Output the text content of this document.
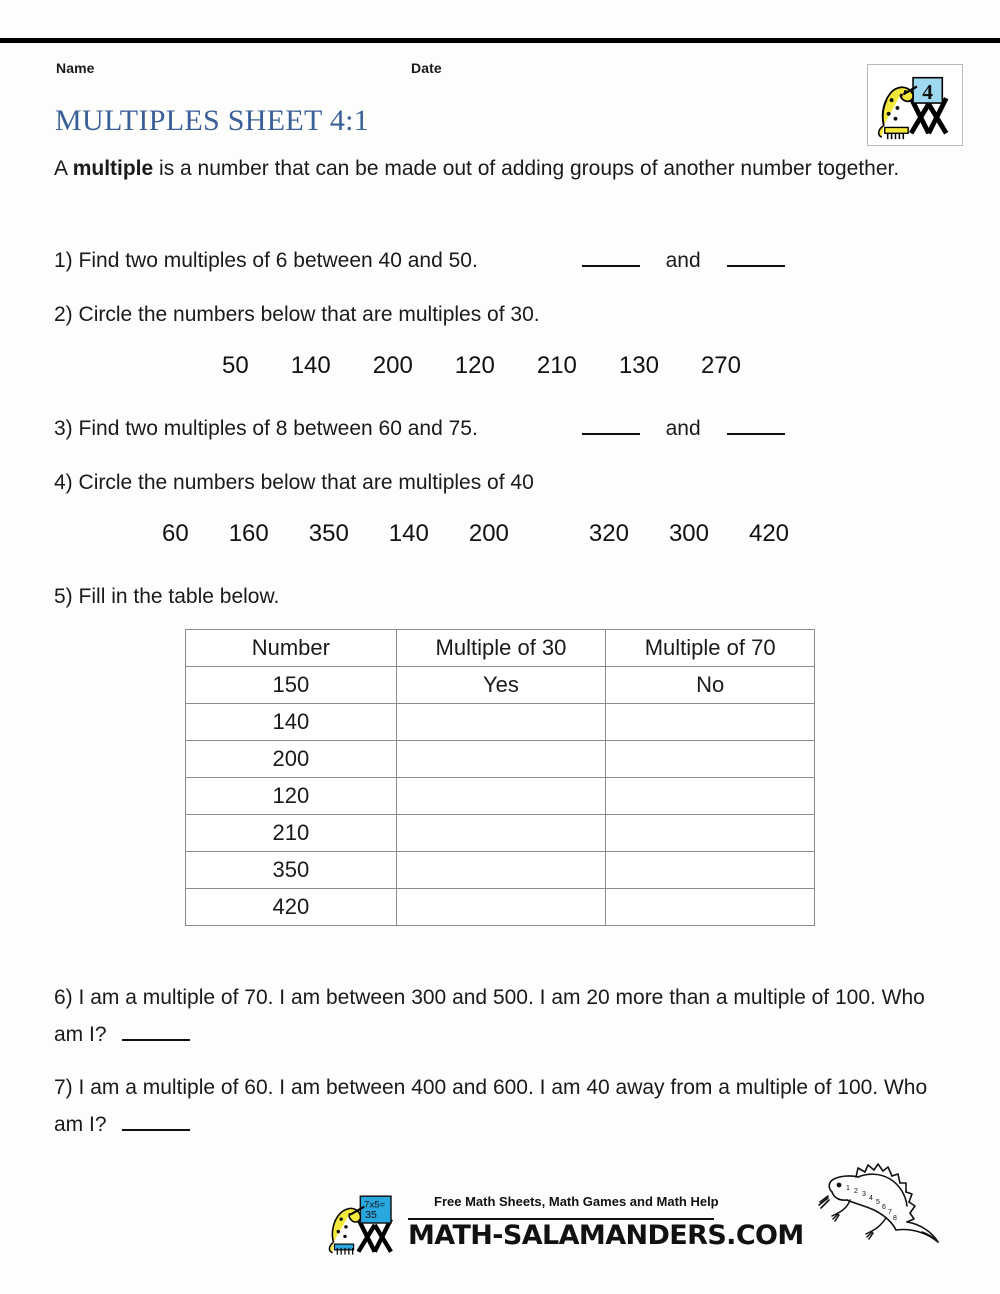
Name	Date
4
MULTIPLES SHEET 4:1
A multiple is a number that can be made out of adding groups of another number together.
1) Find two multiples of 6 between 40 and 50.	and
2) Circle the numbers below that are multiples of 30.
50 140 200 120 210 130 270
3) Find two multiples of 8 between 60 and 75.	and
4) Circle the numbers below that are multiples of 40
60 160 350 140 200	320 300 420
5) Fill in the table below.
Number	Multiple of 30	Multiple of 70
150	Yes	No
140		
200		
120		
210		
350		
420		
6) I am a multiple of 70. I am between 300 and 500. I am 20 more than a multiple of 100. Who am I?
7) I am a multiple of 60. I am between 400 and 600. I am 40 away from a multiple of 100. Who am I?
7x5=
35
Free Math Sheets, Math Games and Math Help
MATH-SALAMANDERS.COM
1 2 3
4
5
6
7
8
